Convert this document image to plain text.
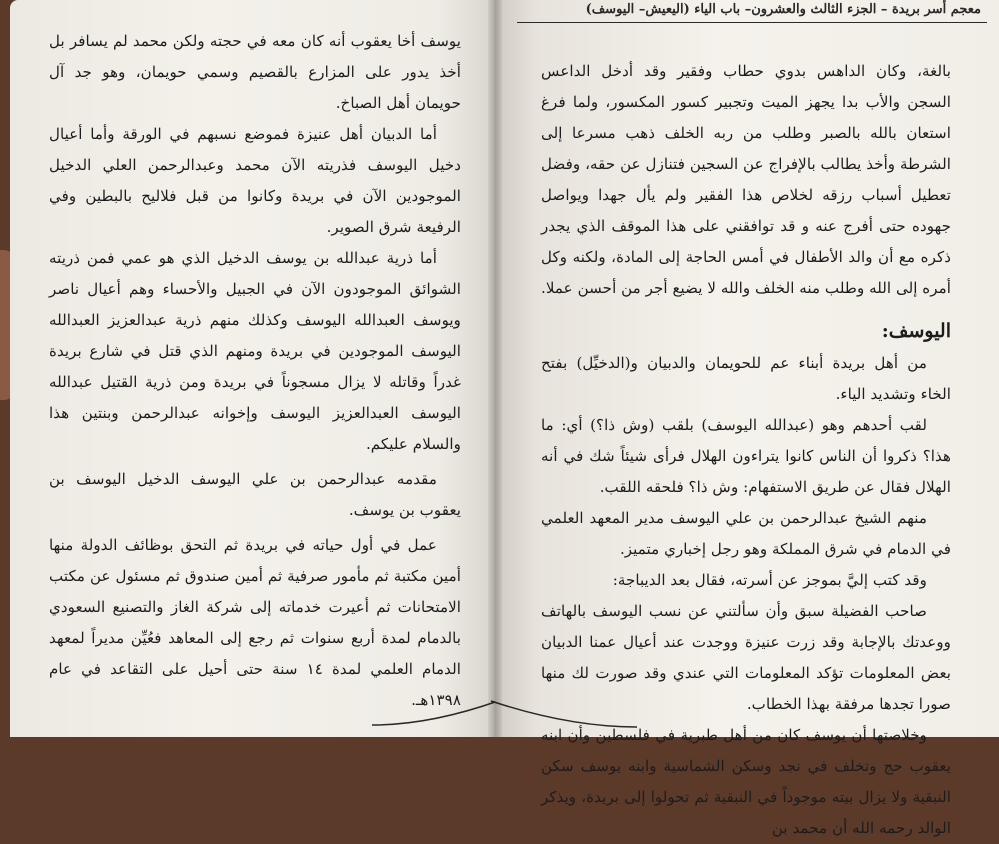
يوسف أخا يعقوب أنه كان معه في حجته ولكن محمد لم يسافر بل أخذ يدور على المزارع بالقصيم وسمي حويمان، وهو جد آل حويمان أهل الصباخ.

أما الدبيان أهل عنيزة فموضع نسبهم في الورقة وأما أعيال دخيل اليوسف فذريته الآن محمد وعبدالرحمن العلي الدخيل الموجودين الآن في بريدة وكانوا من قبل فلاليح بالبطين وفي الرفيعة شرق الصوير.

أما ذرية عبدالله بن يوسف الدخيل الذي هو عمي فمن ذريته الشوائق الموجودون الآن في الجبيل والأحساء وهم أعيال ناصر ويوسف العبدالله اليوسف وكذلك منهم ذرية عبدالعزيز العبدالله اليوسف الموجودين في بريدة ومنهم الذي قتل في شارع بريدة غدراً وقاتله لا يزال مسجوناً في بريدة ومن ذرية القتيل عبدالله اليوسف العبدالعزيز اليوسف وإخوانه عبدالرحمن وبنتين هذا والسلام عليكم.

مقدمه عبدالرحمن بن علي اليوسف الدخيل اليوسف بن يعقوب بن يوسف.

عمل في أول حياته في بريدة ثم التحق بوظائف الدولة منها أمين مكتبة ثم مأمور صرفية ثم أمين صندوق ثم مسئول عن مكتب الامتحانات ثم أعيرت خدماته إلى شركة الغاز والتصنيع السعودي بالدمام لمدة أربع سنوات ثم رجع إلى المعاهد فعُيِّن مديراً لمعهد الدمام العلمي لمدة ١٤ سنة حتى أحيل على التقاعد في عام ١٣٩٨هـ.

معجم أسر بريدة – الجزء الثالث والعشرون– باب الياء (اليعيش– اليوسف)

بالغة، وكان الداهس بدوي حطاب وفقير وقد أدخل الداعس السجن والأب بدا يجهز الميت وتجبير كسور المكسور، ولما فرغ استعان بالله بالصبر وطلب من ربه الخلف ذهب مسرعا إلى الشرطة وأخذ يطالب بالإفراج عن السجين فتنازل عن حقه، وفضل تعطيل أسباب رزقه لخلاص هذا الفقير ولم يأل جهدا ويواصل جهوده حتى أفرج عنه و قد توافقني على هذا الموقف الذي يجدر ذكره مع أن والد الأطفال في أمس الحاجة إلى المادة، ولكنه وكل أمره إلى الله وطلب منه الخلف والله لا يضيع أجر من أحسن عملا.

اليوسف:

من أهل بريدة أبناء عم للحويمان والدبيان و(الدخيِّل) بفتح الخاء وتشديد الياء.

لقب أحدهم وهو (عبدالله اليوسف) بلقب (وش ذا؟) أي: ما هذا؟ ذكروا أن الناس كانوا يتراءون الهلال فرأى شيئاً شك في أنه الهلال فقال عن طريق الاستفهام: وش ذا؟ فلحقه اللقب.

منهم الشيخ عبدالرحمن بن علي اليوسف مدير المعهد العلمي في الدمام في شرق المملكة وهو رجل إخباري متميز.

وقد كتب إليَّ بموجز عن أسرته، فقال بعد الديباجة:

صاحب الفضيلة سبق وأن سألتني عن نسب اليوسف بالهاتف ووعدتك بالإجابة وقد زرت عنيزة ووجدت عند أعيال عمنا الدبيان بعض المعلومات تؤكد المعلومات التي عندي وقد صورت لك منها صورا تجدها مرفقة بهذا الخطاب.

وخلاصتها أن يوسف كان من أهل طبرية في فلسطين وأن ابنه يعقوب حج وتخلف في نجد وسكن الشماسية وابنه يوسف سكن النبقية ولا يزال بيته موجوداً في النبقية ثم تحولوا إلى بريدة، ويذكر الوالد رحمه الله أن محمد بن
